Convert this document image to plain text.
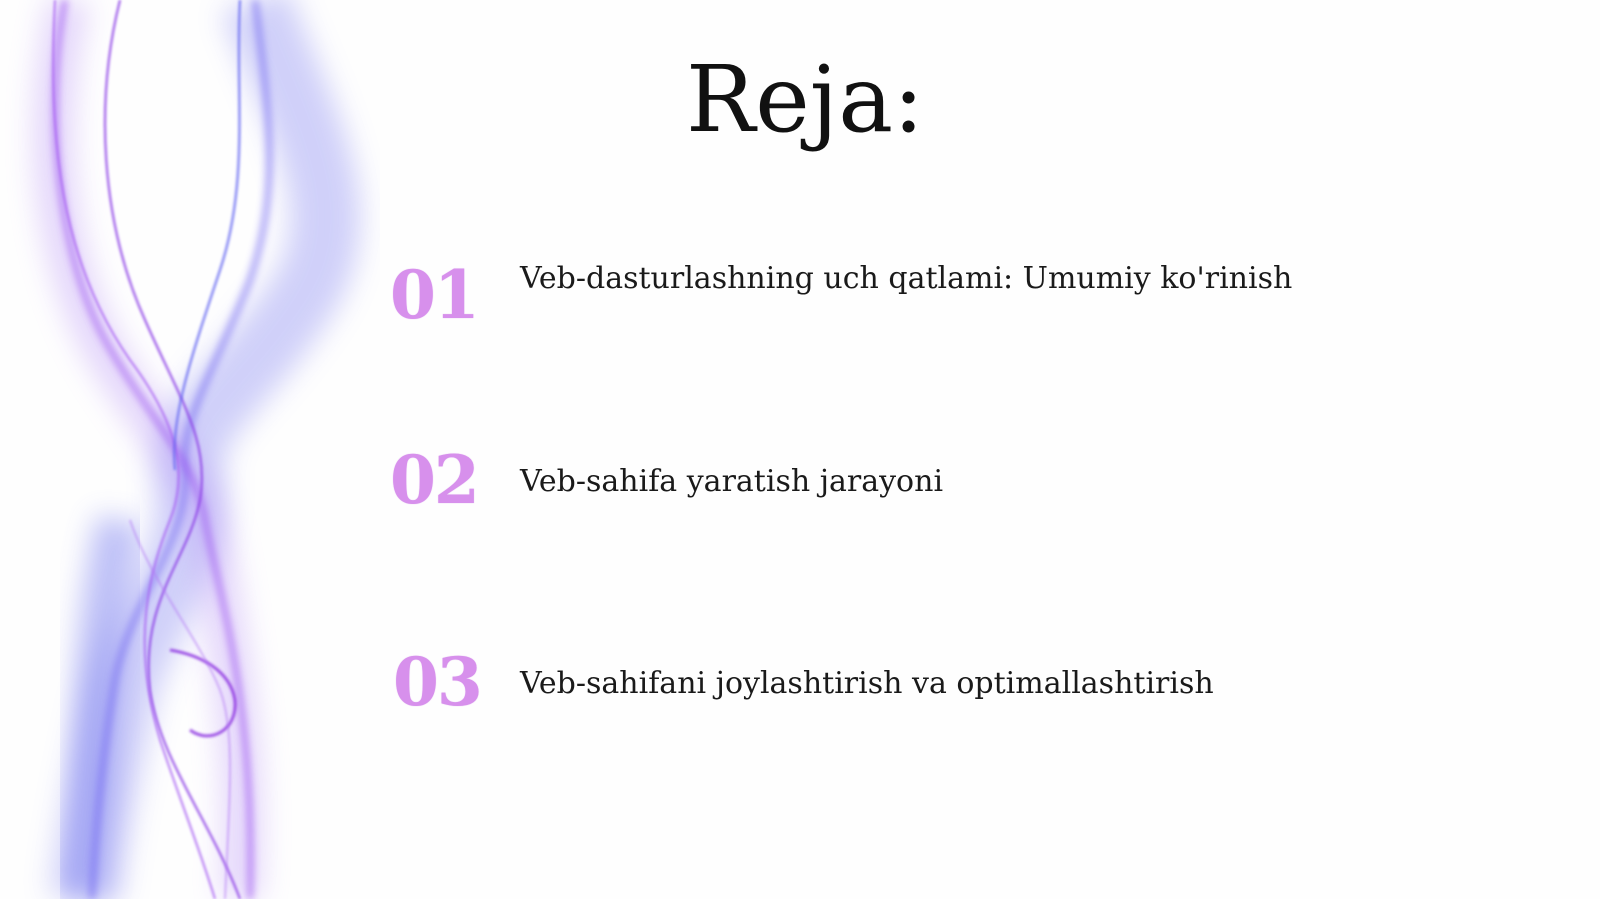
Reja:
01	Veb-dasturlashning uch qatlami: Umumiy ko'rinish
02	Veb-sahifa yaratish jarayoni
03	Veb-sahifani joylashtirish va optimallashtirish
